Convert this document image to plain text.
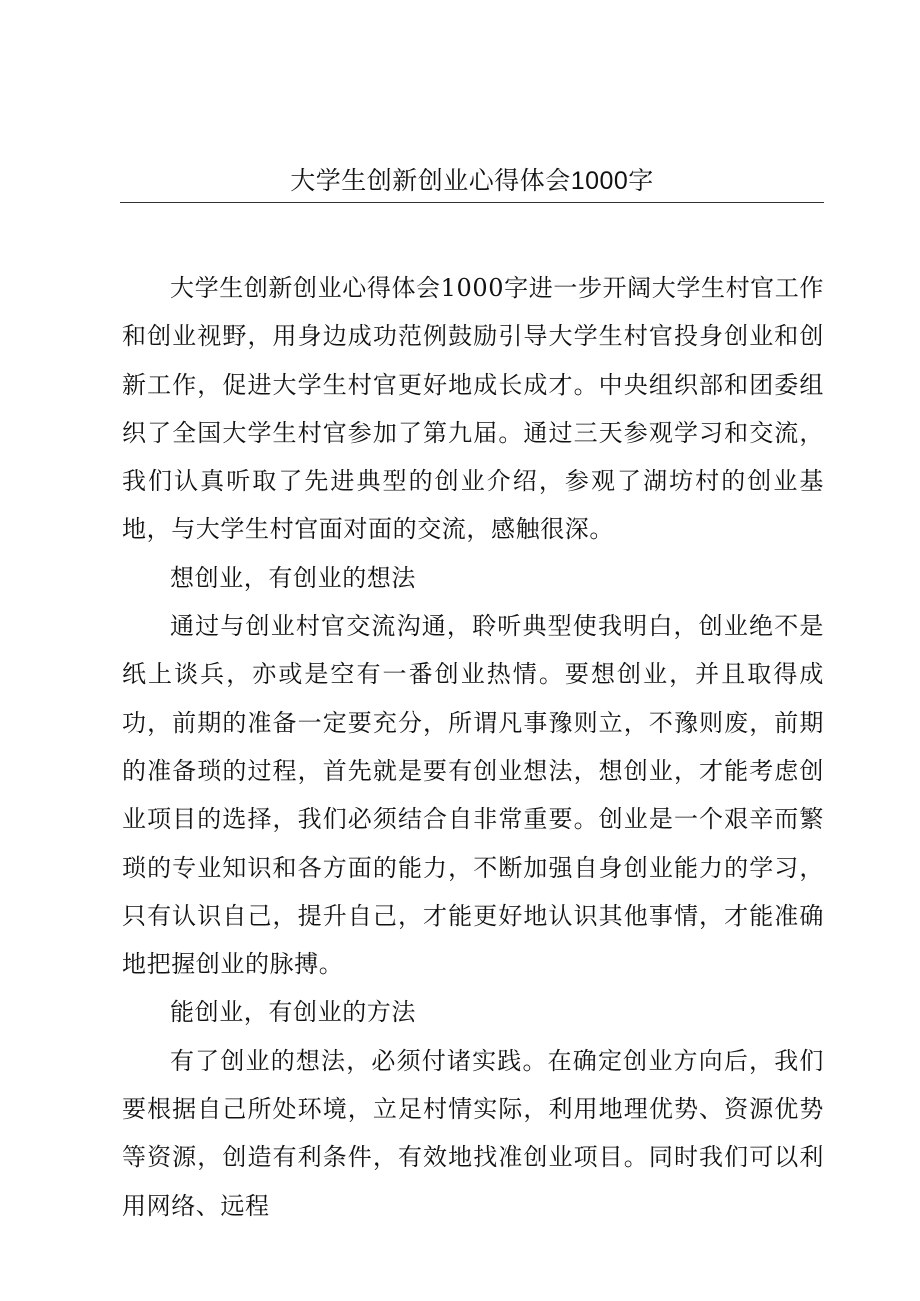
大学生创新创业心得体会1000字

大学生创新创业心得体会1000字进一步开阔大学生村官工作和创业视野，用身边成功范例鼓励引导大学生村官投身创业和创新工作，促进大学生村官更好地成长成才。中央组织部和团委组织了全国大学生村官参加了第九届。通过三天参观学习和交流，我们认真听取了先进典型的创业介绍，参观了湖坊村的创业基地，与大学生村官面对面的交流，感触很深。

想创业，有创业的想法

通过与创业村官交流沟通，聆听典型使我明白，创业绝不是纸上谈兵，亦或是空有一番创业热情。要想创业，并且取得成功，前期的准备一定要充分，所谓凡事豫则立，不豫则废，前期的准备琐的过程，首先就是要有创业想法，想创业，才能考虑创业项目的选择，我们必须结合自非常重要。创业是一个艰辛而繁琐的专业知识和各方面的能力，不断加强自身创业能力的学习，只有认识自己，提升自己，才能更好地认识其他事情，才能准确地把握创业的脉搏。

能创业，有创业的方法

有了创业的想法，必须付诸实践。在确定创业方向后，我们要根据自己所处环境，立足村情实际，利用地理优势、资源优势等资源，创造有利条件，有效地找准创业项目。同时我们可以利用网络、远程
